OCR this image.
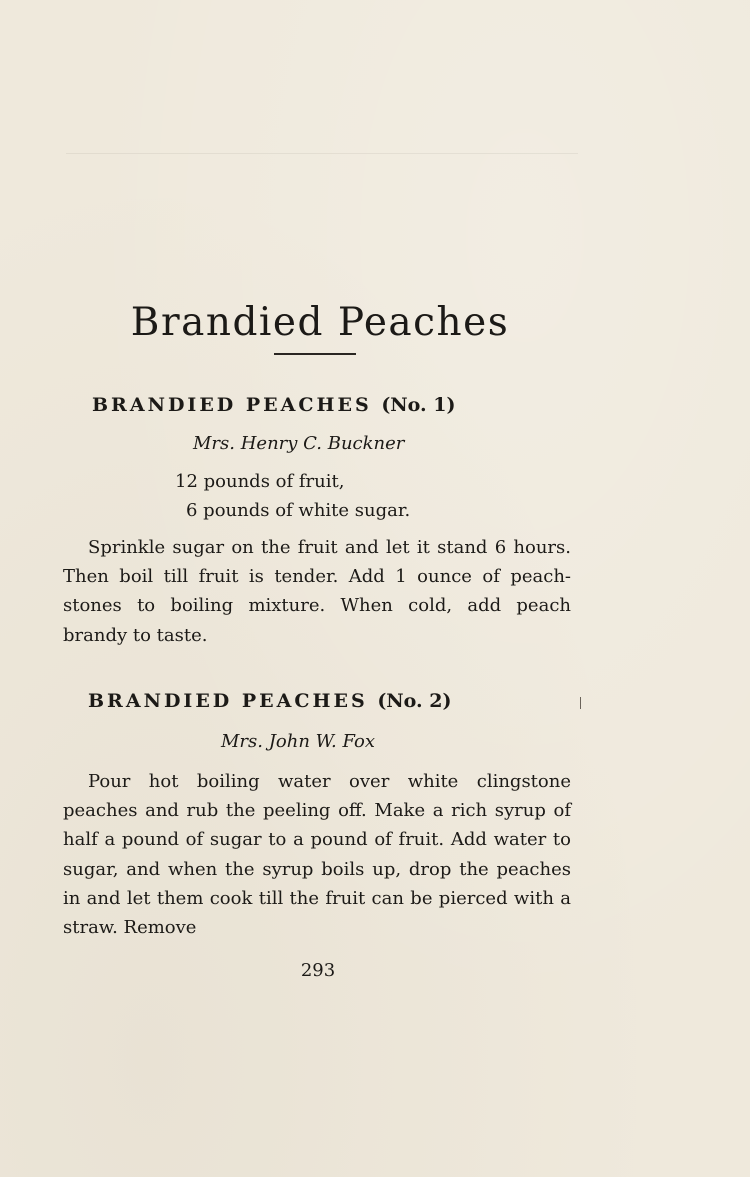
Brandied Peaches
BRANDIED PEACHES (No. 1)
Mrs. Henry C. Buckner
12 pounds of fruit,
6 pounds of white sugar.

Sprinkle sugar on the fruit and let it stand 6 hours. Then boil till fruit is tender. Add 1 ounce of peach-stones to boiling mixture. When cold, add peach brandy to taste.

BRANDIED PEACHES (No. 2)
Mrs. John W. Fox

Pour hot boiling water over white clingstone peaches and rub the peeling off. Make a rich syrup of half a pound of sugar to a pound of fruit. Add water to sugar, and when the syrup boils up, drop the peaches in and let them cook till the fruit can be pierced with a straw. Remove

293
